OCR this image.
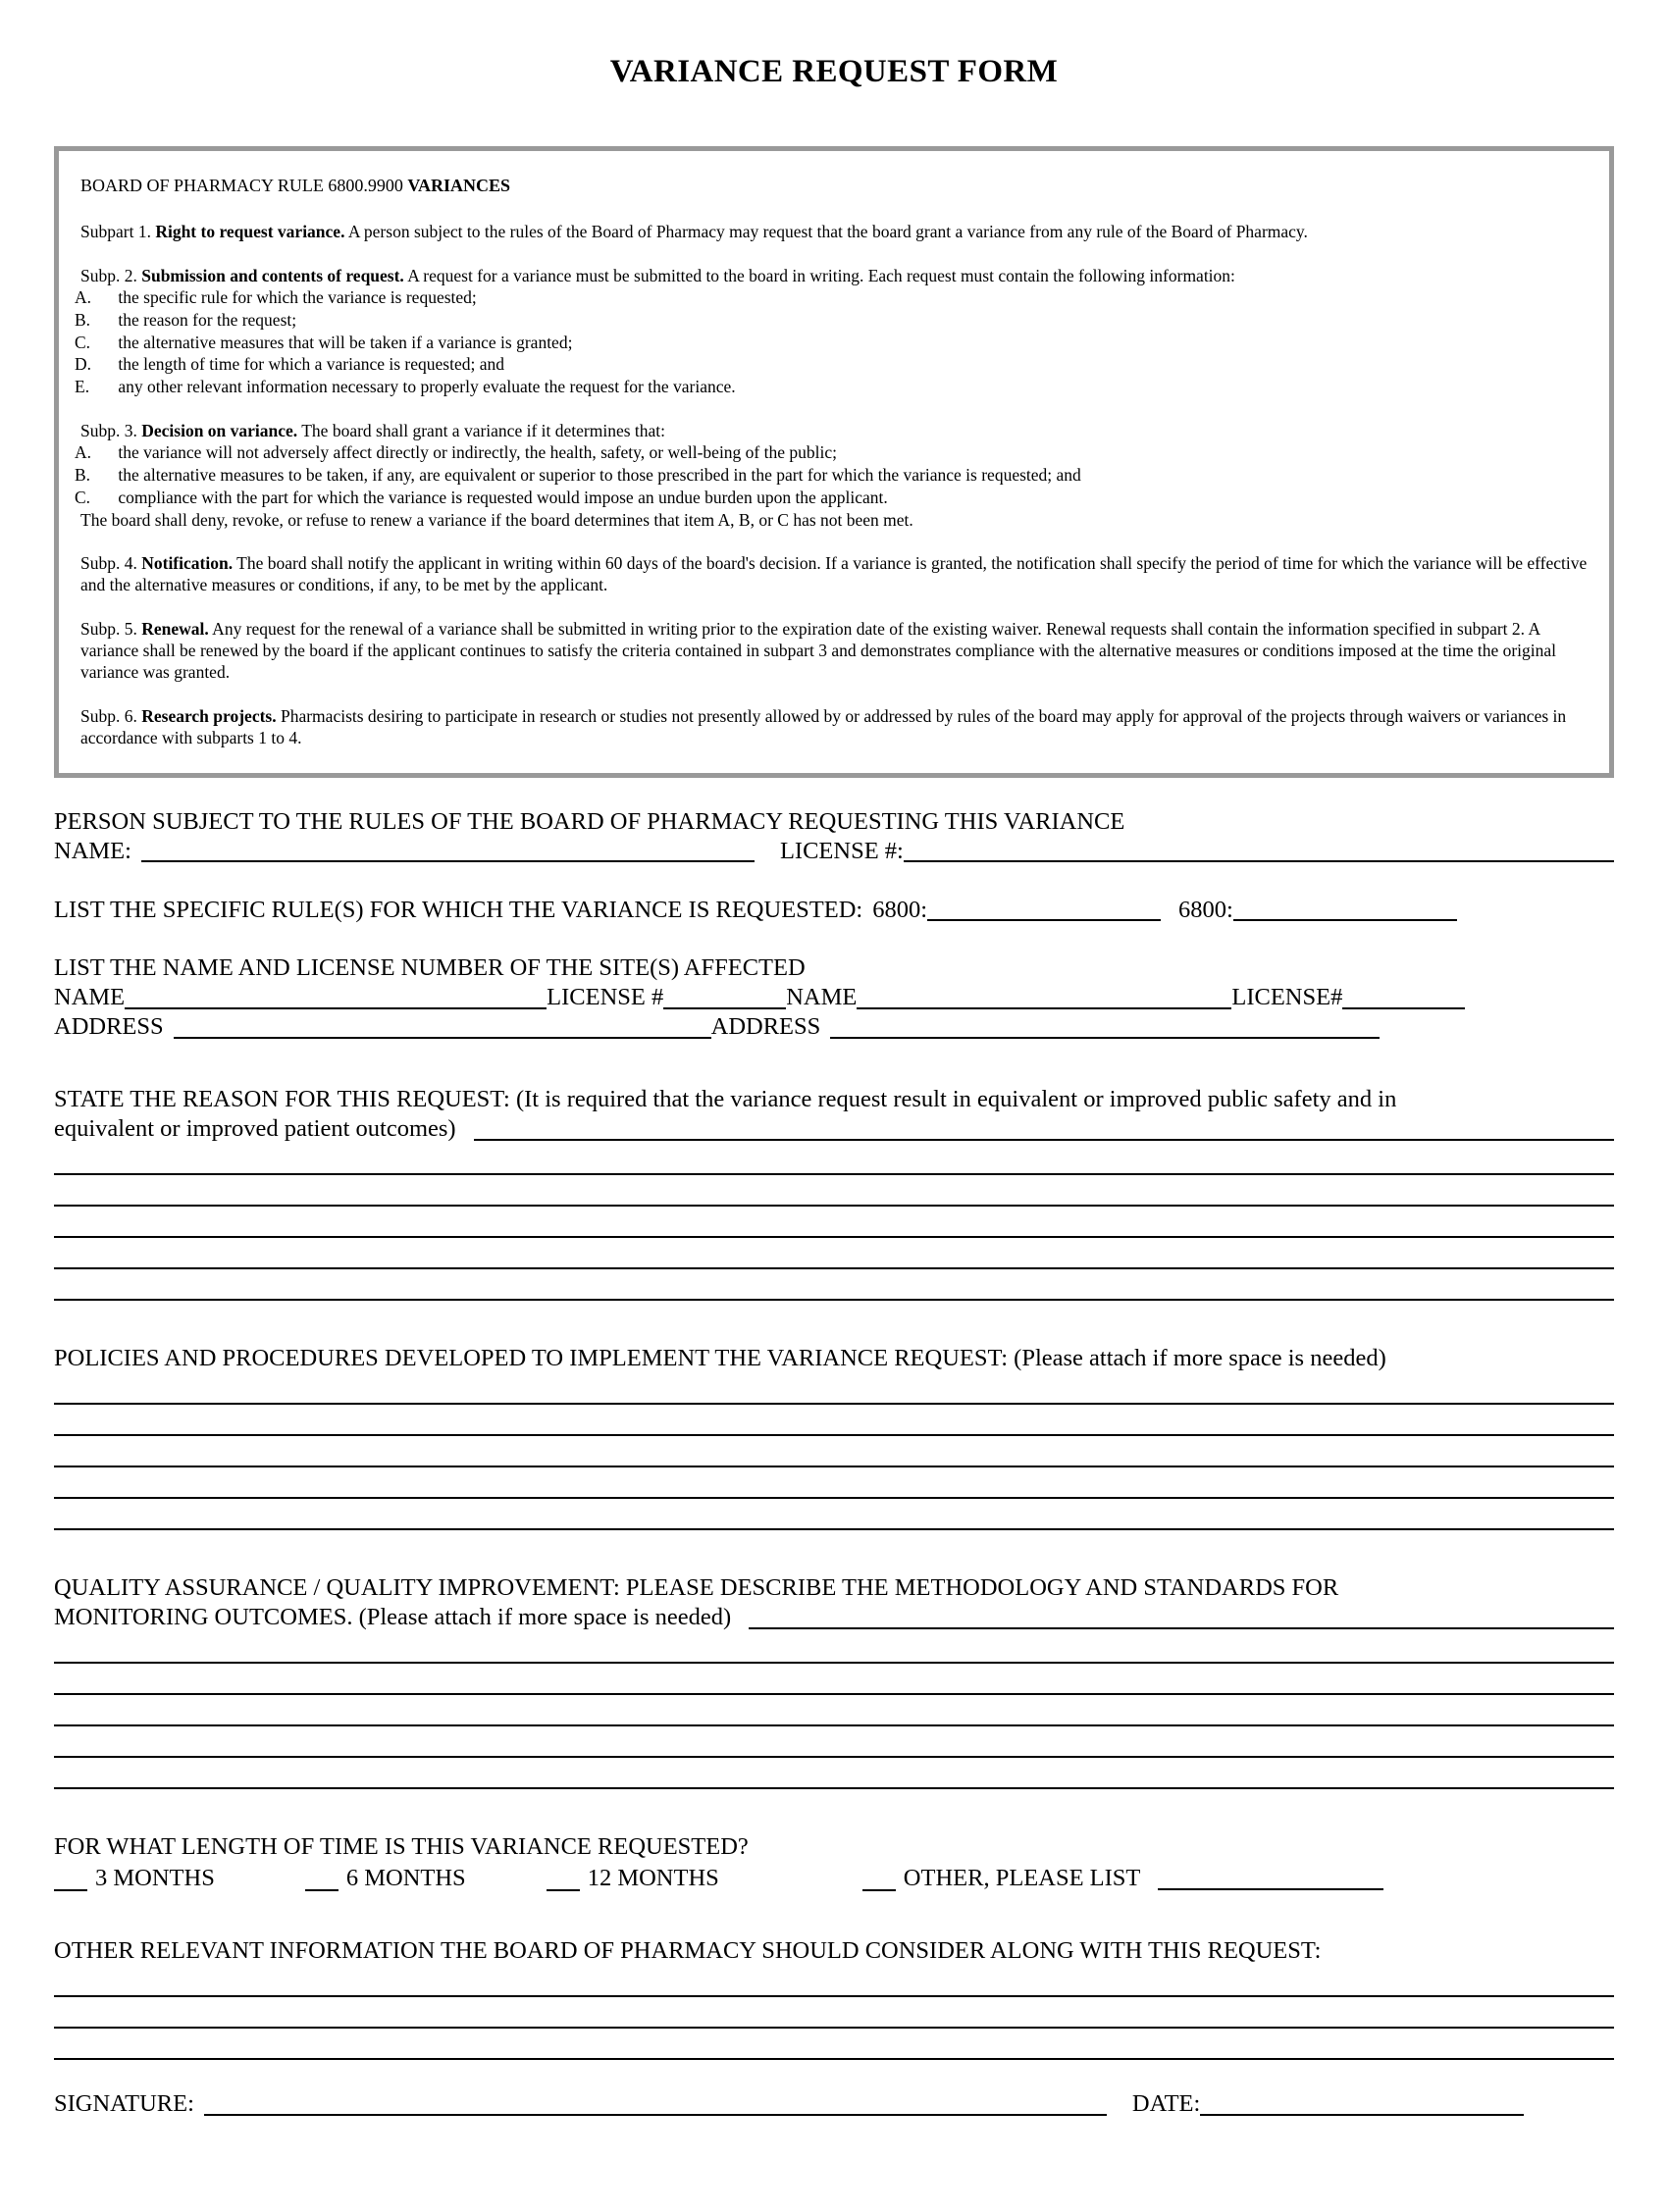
VARIANCE REQUEST FORM
BOARD OF PHARMACY RULE 6800.9900 VARIANCES

Subpart 1. Right to request variance. A person subject to the rules of the Board of Pharmacy may request that the board grant a variance from any rule of the Board of Pharmacy.

Subp. 2. Submission and contents of request. A request for a variance must be submitted to the board in writing. Each request must contain the following information:

A. the specific rule for which the variance is requested;
B. the reason for the request;
C. the alternative measures that will be taken if a variance is granted;
D. the length of time for which a variance is requested; and
E. any other relevant information necessary to properly evaluate the request for the variance.

Subp. 3. Decision on variance. The board shall grant a variance if it determines that:

A. the variance will not adversely affect directly or indirectly, the health, safety, or well-being of the public;
B. the alternative measures to be taken, if any, are equivalent or superior to those prescribed in the part for which the variance is requested; and
C. compliance with the part for which the variance is requested would impose an undue burden upon the applicant.

The board shall deny, revoke, or refuse to renew a variance if the board determines that item A, B, or C has not been met.

Subp. 4. Notification. The board shall notify the applicant in writing within 60 days of the board's decision. If a variance is granted, the notification shall specify the period of time for which the variance will be effective and the alternative measures or conditions, if any, to be met by the applicant.

Subp. 5. Renewal. Any request for the renewal of a variance shall be submitted in writing prior to the expiration date of the existing waiver. Renewal requests shall contain the information specified in subpart 2. A variance shall be renewed by the board if the applicant continues to satisfy the criteria contained in subpart 3 and demonstrates compliance with the alternative measures or conditions imposed at the time the original variance was granted.

Subp. 6. Research projects. Pharmacists desiring to participate in research or studies not presently allowed by or addressed by rules of the board may apply for approval of the projects through waivers or variances in accordance with subparts 1 to 4.

PERSON SUBJECT TO THE RULES OF THE BOARD OF PHARMACY REQUESTING THIS VARIANCE
NAME:	LICENSE #:
LIST THE SPECIFIC RULE(S) FOR WHICH THE VARIANCE IS REQUESTED: 6800:	6800:
LIST THE NAME AND LICENSE NUMBER OF THE SITE(S) AFFECTED
NAME	LICENSE #	NAME	LICENSE#
ADDRESS	ADDRESS
STATE THE REASON FOR THIS REQUEST: (It is required that the variance request result in equivalent or improved public safety and in
equivalent or improved patient outcomes)
POLICIES AND PROCEDURES DEVELOPED TO IMPLEMENT THE VARIANCE REQUEST: (Please attach if more space is needed)
QUALITY ASSURANCE / QUALITY IMPROVEMENT: PLEASE DESCRIBE THE METHODOLOGY AND STANDARDS FOR
MONITORING OUTCOMES. (Please attach if more space is needed)
FOR WHAT LENGTH OF TIME IS THIS VARIANCE REQUESTED?
3 MONTHS	6 MONTHS	12 MONTHS	OTHER, PLEASE LIST
OTHER RELEVANT INFORMATION THE BOARD OF PHARMACY SHOULD CONSIDER ALONG WITH THIS REQUEST:
SIGNATURE:	DATE:
